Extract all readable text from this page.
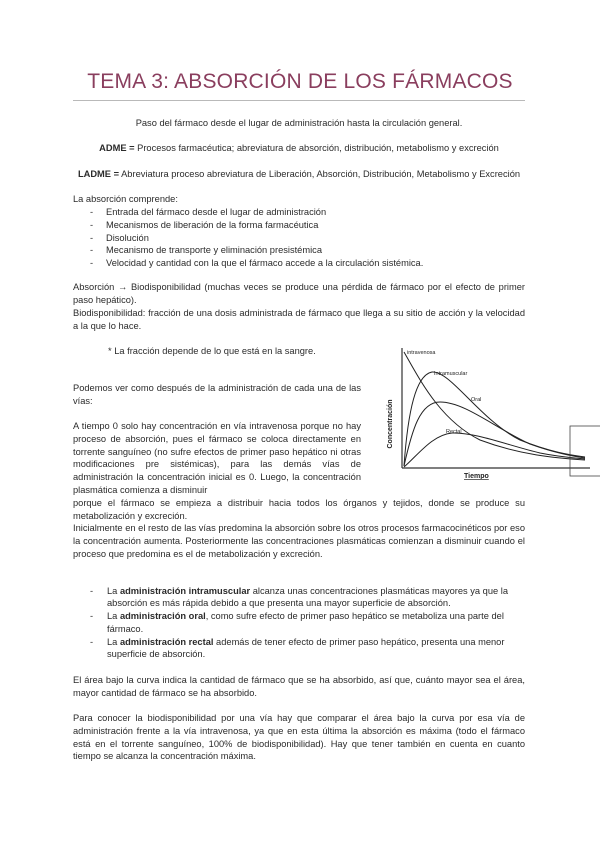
TEMA 3: ABSORCIÓN DE LOS FÁRMACOS

Paso del fármaco desde el lugar de administración hasta la circulación general.

ADME = Procesos farmacéutica; abreviatura de absorción, distribución, metabolismo y excreción

LADME = Abreviatura proceso abreviatura de Liberación, Absorción, Distribución, Metabolismo y Excreción

La absorción comprende:

- Entrada del fármaco desde el lugar de administración
- Mecanismos de liberación de la forma farmacéutica
- Disolución
- Mecanismo de transporte y eliminación presistémica
- Velocidad y cantidad con la que el fármaco accede a la circulación sistémica.

Absorción → Biodisponibilidad (muchas veces se produce una pérdida de fármaco por el efecto de primer paso hepático).

Biodisponibilidad: fracción de una dosis administrada de fármaco que llega a su sitio de acción y la velocidad a la que lo hace.

* La fracción depende de lo que está en la sangre.

Podemos ver como después de la administración de cada una de las vías:

A tiempo 0 solo hay concentración en vía intravenosa porque no hay proceso de absorción, pues el fármaco se coloca directamente en torrente sanguíneo (no sufre efectos de primer paso hepático ni otras modificaciones pre sistémicas), para las demás vías de administración la concentración inicial es 0. Luego, la concentración plasmática comienza a disminuir

porque el fármaco se empieza a distribuir hacia todos los órganos y tejidos, donde se produce su metabolización y excreción.

Inicialmente en el resto de las vías predomina la absorción sobre los otros procesos farmacocinéticos por eso la concentración aumenta. Posteriormente las concentraciones plasmáticas comienzan a disminuir cuando el proceso que predomina es el de metabolización y excreción.

- La administración intramuscular alcanza unas concentraciones plasmáticas mayores ya que la absorción es más rápida debido a que presenta una mayor superficie de absorción.
- La administración oral, como sufre efecto de primer paso hepático se metaboliza una parte del fármaco.
- La administración rectal además de tener efecto de primer paso hepático, presenta una menor superficie de absorción.

El área bajo la curva indica la cantidad de fármaco que se ha absorbido, así que, cuánto mayor sea el área, mayor cantidad de fármaco se ha absorbido.

Para conocer la biodisponibilidad por una vía hay que comparar el área bajo la curva por esa vía de administración frente a la vía intravenosa, ya que en esta última la absorción es máxima (todo el fármaco está en el torrente sanguíneo, 100% de biodisponibilidad). Hay que tener también en cuenta en cuanto tiempo se alcanza la concentración máxima.

Concentración
Tiempo
intravenosa
Intramuscular
Oral
Rectal
